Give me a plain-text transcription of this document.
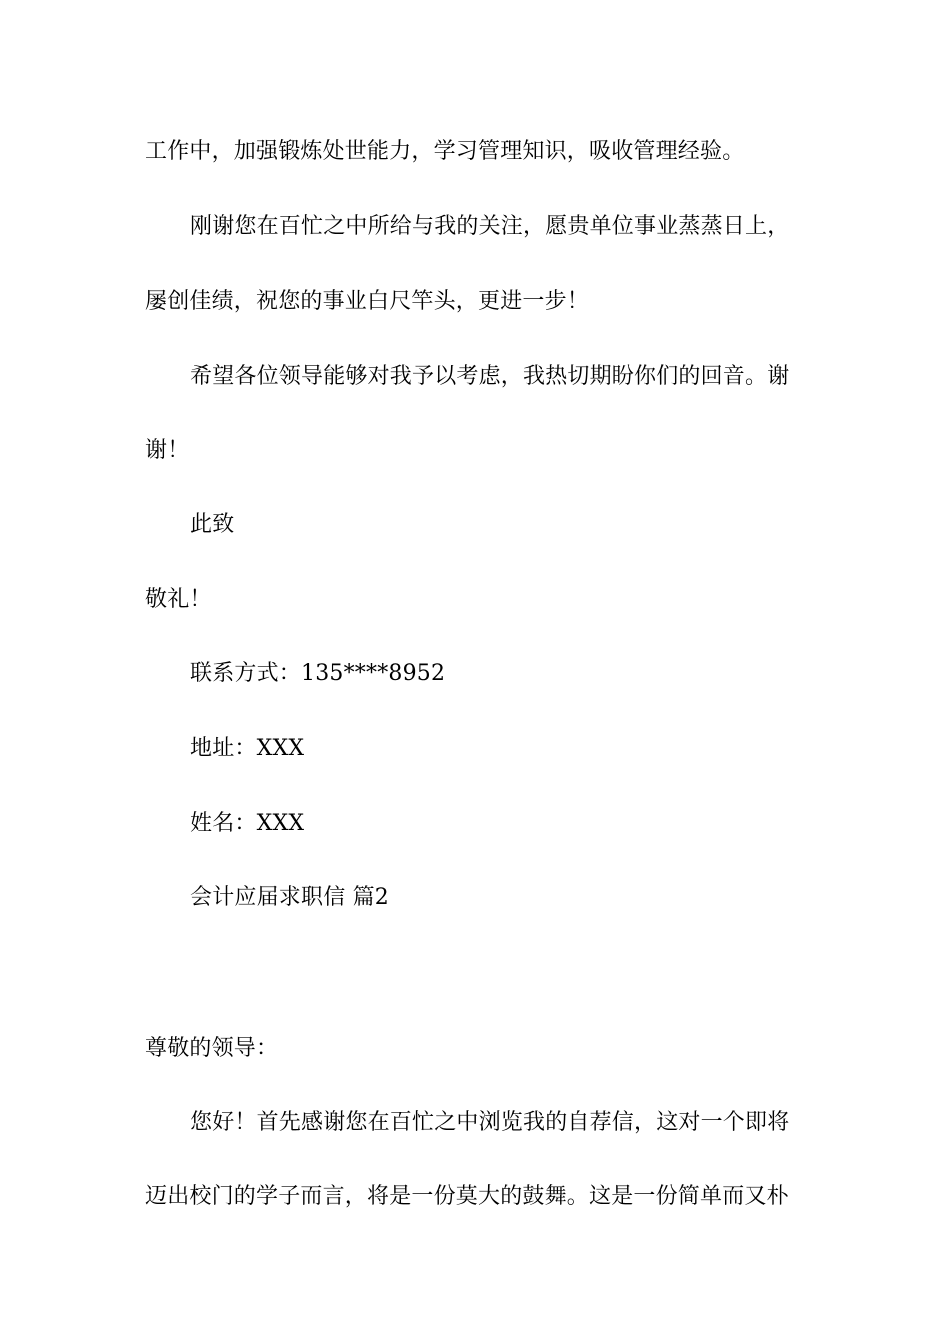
工作中，加强锻炼处世能力，学习管理知识，吸收管理经验。
刚谢您在百忙之中所给与我的关注，愿贵单位事业蒸蒸日上，
屡创佳绩，祝您的事业白尺竿头，更进一步！
希望各位领导能够对我予以考虑，我热切期盼你们的回音。谢
谢！
此致
敬礼！
联系方式：135****8952
地址：XXX
姓名：XXX
会计应届求职信 篇2
尊敬的领导：
您好！首先感谢您在百忙之中浏览我的自荐信，这对一个即将
迈出校门的学子而言，将是一份莫大的鼓舞。这是一份简单而又朴
